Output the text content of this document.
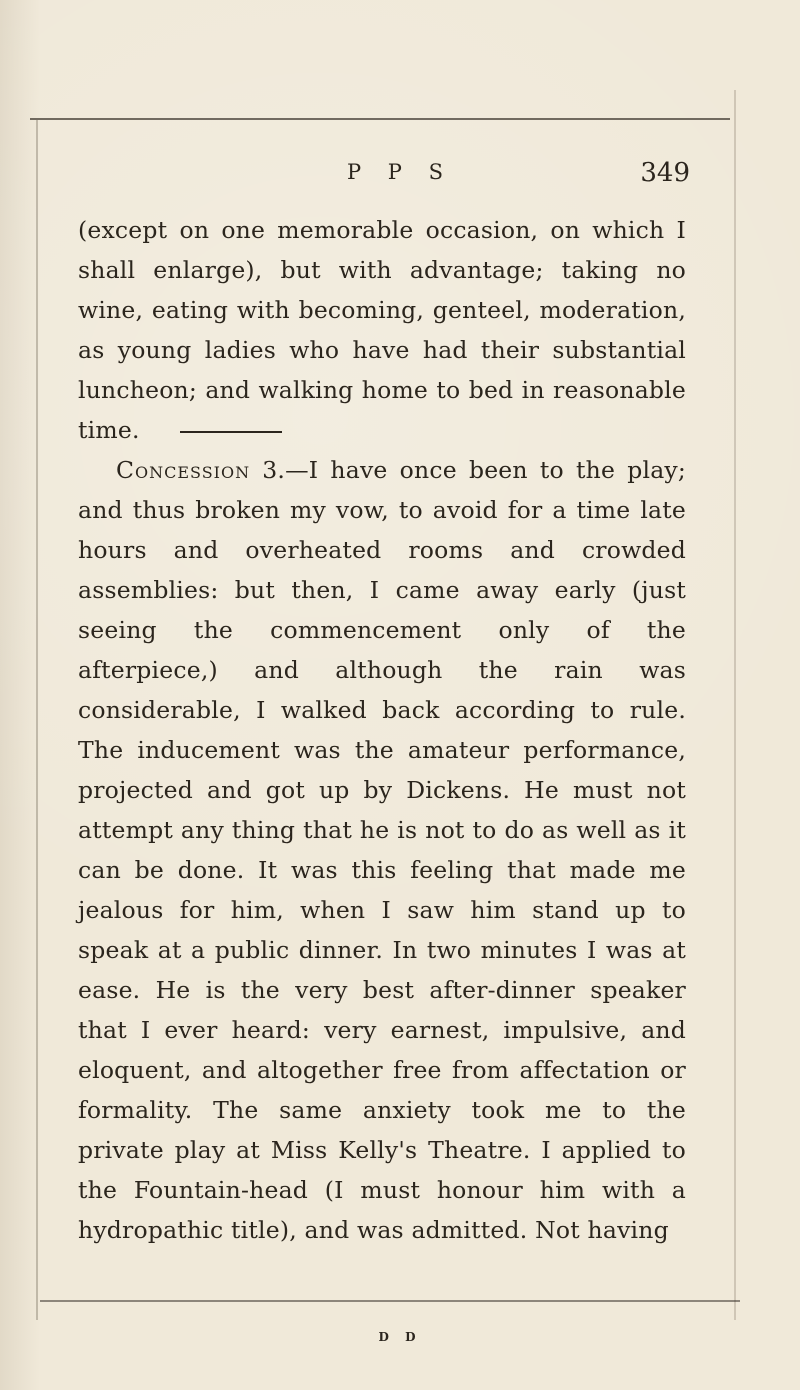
P P S	349

(except on one memorable occasion, on which I shall enlarge), but with advantage; taking no wine, eating with becoming, genteel, moderation, as young ladies who have had their substantial luncheon; and walking home to bed in reasonable time.

Concession 3.—I have once been to the play; and thus broken my vow, to avoid for a time late hours and overheated rooms and crowded assemblies: but then, I came away early (just seeing the commencement only of the afterpiece,) and although the rain was considerable, I walked back according to rule. The inducement was the amateur performance, projected and got up by Dickens. He must not attempt any thing that he is not to do as well as it can be done. It was this feeling that made me jealous for him, when I saw him stand up to speak at a public dinner. In two minutes I was at ease. He is the very best after-dinner speaker that I ever heard: very earnest, impulsive, and eloquent, and altogether free from affectation or formality. The same anxiety took me to the private play at Miss Kelly's Theatre. I applied to the Fountain-head (I must honour him with a hydropathic title), and was admitted. Not having

D D
